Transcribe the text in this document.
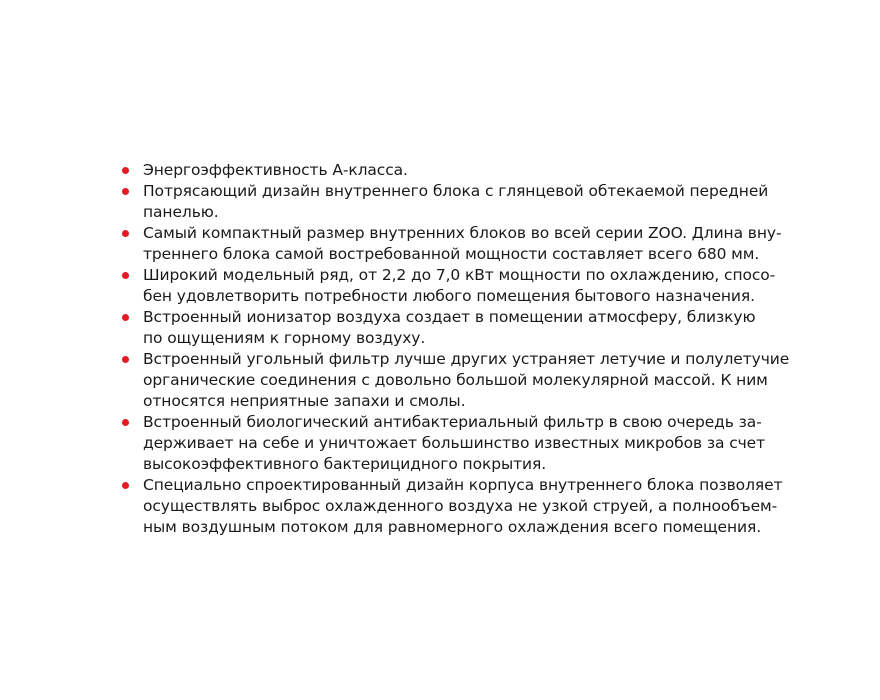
Энергоэффективность А-класса.
Потрясающий дизайн внутреннего блока с глянцевой обтекаемой передней
панелью.
Самый компактный размер внутренних блоков во всей серии ZOO. Длина вну-
треннего блока самой востребованной мощности составляет всего 680 мм.
Широкий модельный ряд, от 2,2 до 7,0 кВт мощности по охлаждению, спосо-
бен удовлетворить потребности любого помещения бытового назначения.
Встроенный ионизатор воздуха создает в помещении атмосферу, близкую
по ощущениям к горному воздуху.
Встроенный угольный фильтр лучше других устраняет летучие и полулетучие
органические соединения с довольно большой молекулярной массой. К ним
относятся неприятные запахи и смолы.
Встроенный биологический антибактериальный фильтр в свою очередь за-
держивает на себе и уничтожает большинство известных микробов за счет
высокоэффективного бактерицидного покрытия.
Специально спроектированный дизайн корпуса внутреннего блока позволяет
осуществлять выброс охлажденного воздуха не узкой струей, а полнообъем-
ным воздушным потоком для равномерного охлаждения всего помещения.
